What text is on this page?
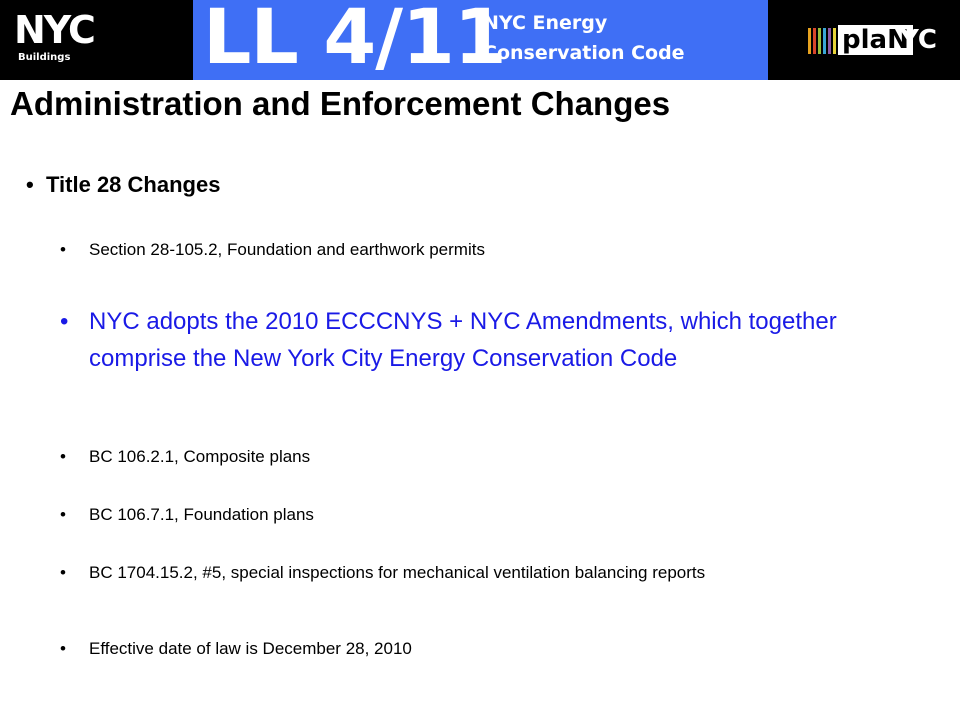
NYC
Buildings LL 4/11
NYC Energy
Conservation Code	plaN
YC
Administration and Enforcement Changes
• Title 28 Changes
• Section 28-105.2, Foundation and earthwork permits
• NYC adopts the 2010 ECCCNYS + NYC Amendments, which together comprise the New York City Energy Conservation Code
• BC 106.2.1, Composite plans
• BC 106.7.1, Foundation plans
• BC 1704.15.2, #5, special inspections for mechanical ventilation balancing reports
• Effective date of law is December 28, 2010
